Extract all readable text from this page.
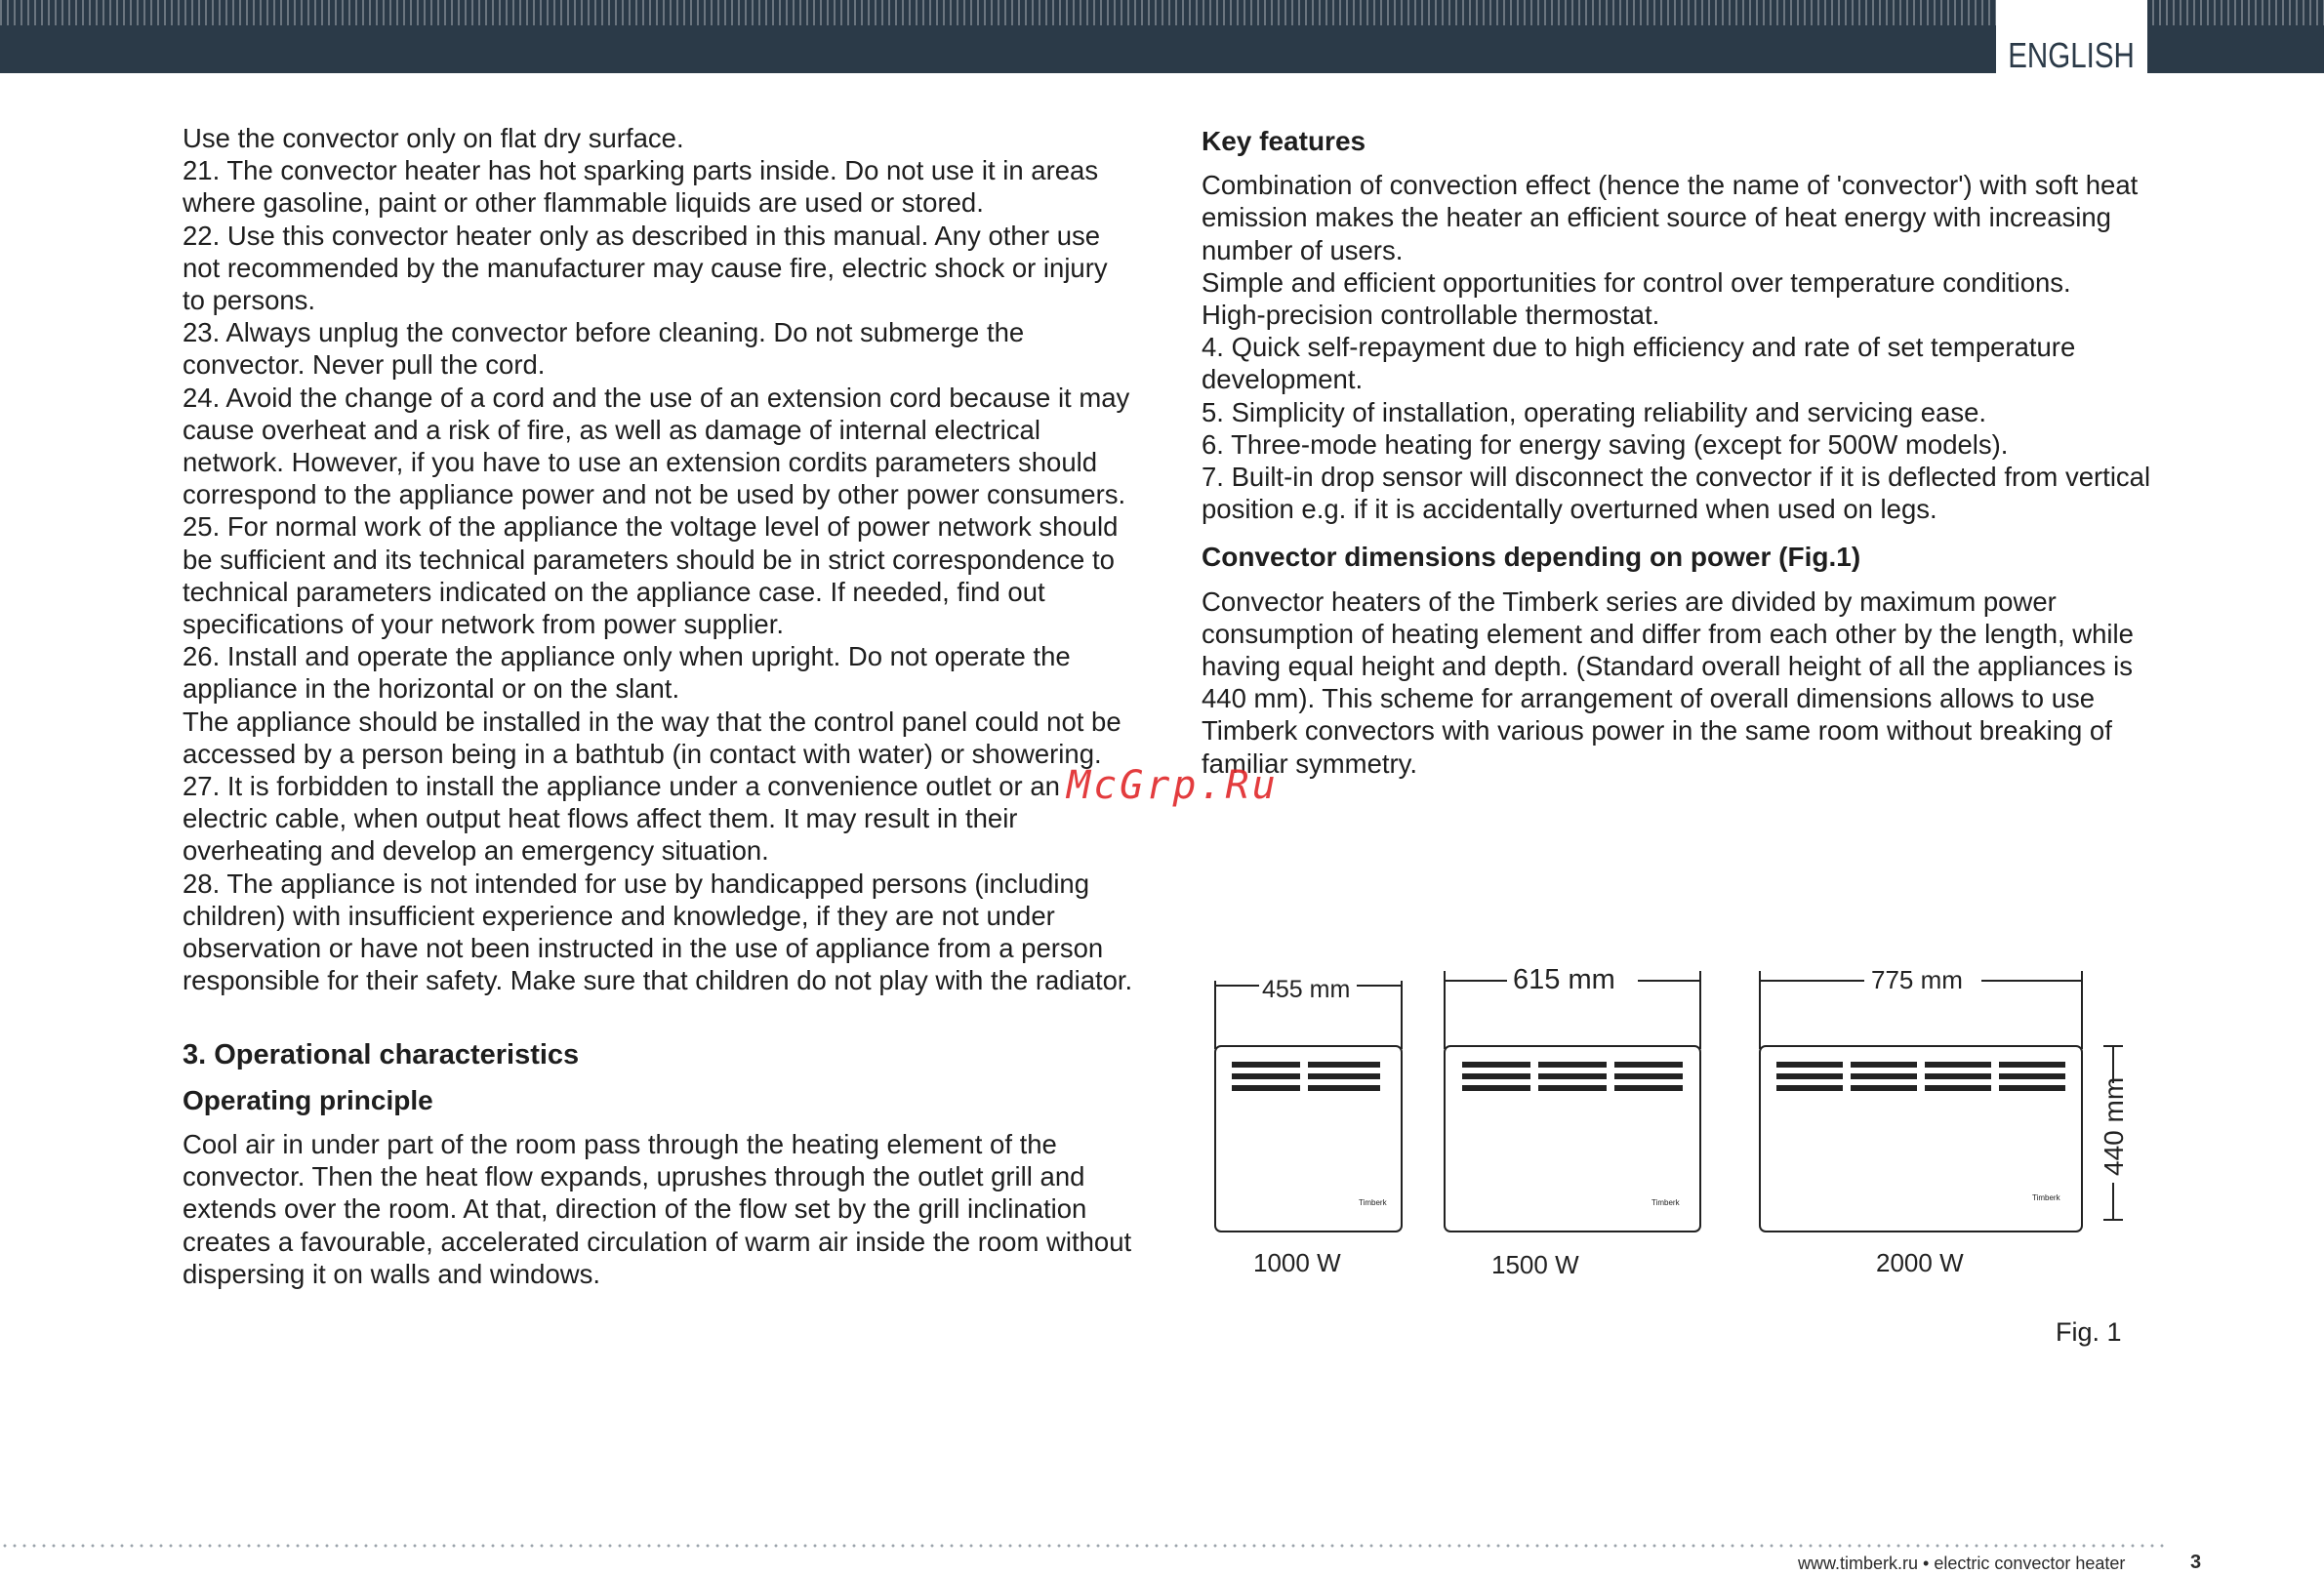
ENGLISH

Use the convector only on flat dry surface.

21. The convector heater has hot sparking parts inside. Do not use it in areas where gasoline, paint or other flammable liquids are used or stored.

22. Use this convector heater only as described in this manual. Any other use not recommended by the manufacturer may cause fire, electric shock or injury to persons.

23. Always unplug the convector before cleaning. Do not submerge the convector. Never pull the cord.

24. Avoid the change of a cord and the use of an extension cord because it may cause overheat and a risk of fire, as well as damage of internal electrical network. However, if you have to use an extension cordits parameters should correspond to the appliance power and not be used by other power consumers.

25. For normal work of the appliance the voltage level of power network should be sufficient and its technical parameters should be in strict correspondence to technical parameters indicated on the appliance case. If needed, find out specifications of your network from power supplier.

26. Install and operate the appliance only when upright. Do not operate the appliance in the horizontal or on the slant.

The appliance should be installed in the way that the control panel could not be accessed by a person being in a bathtub (in contact with water) or showering.

27. It is forbidden to install the appliance under a convenience outlet or an electric cable, when output heat flows affect them. It may result in their overheating and develop an emergency situation.

28. The appliance is not intended for use by handicapped persons (including children) with insufficient experience and knowledge, if they are not under observation or have not been instructed in the use of appliance from a person responsible for their safety. Make sure that children do not play with the radiator.

3. Operational characteristics

Operating principle

Cool air in under part of the room pass through the heating element of the convector. Then the heat flow expands, uprushes through the outlet grill and extends over the room. At that, direction of the flow set by the grill inclination creates a favourable, accelerated circulation of warm air inside the room without dispersing it on walls and windows.

Key features

Combination of convection effect (hence the name of 'convector') with soft heat emission makes the heater an efficient source of heat energy with increasing number of users.

Simple and efficient opportunities for control over temperature conditions.

High-precision controllable thermostat.

4. Quick self-repayment due to high efficiency and rate of set temperature development.

5. Simplicity of installation, operating reliability and servicing ease.

6. Three-mode heating for energy saving (except for 500W models).

7. Built-in drop sensor will disconnect the convector if it is deflected from vertical position e.g. if it is accidentally overturned when used on legs.

Convector dimensions depending on power (Fig.1)

Convector heaters of the Timberk series are divided by maximum power consumption of heating element and differ from each other by the length, while having equal height and depth. (Standard overall height of all the appliances is 440 mm). This scheme for arrangement of overall dimensions allows to use Timberk convectors with various power in the same room without breaking of familiar symmetry.

McGrp.Ru
455 mm	615 mm	775 mm
440 mm
Timberk	Timberk
Timberk
1000 W	1500 W	2000 W
Fig. 1
www.timberk.ru • electric convector heater	3
